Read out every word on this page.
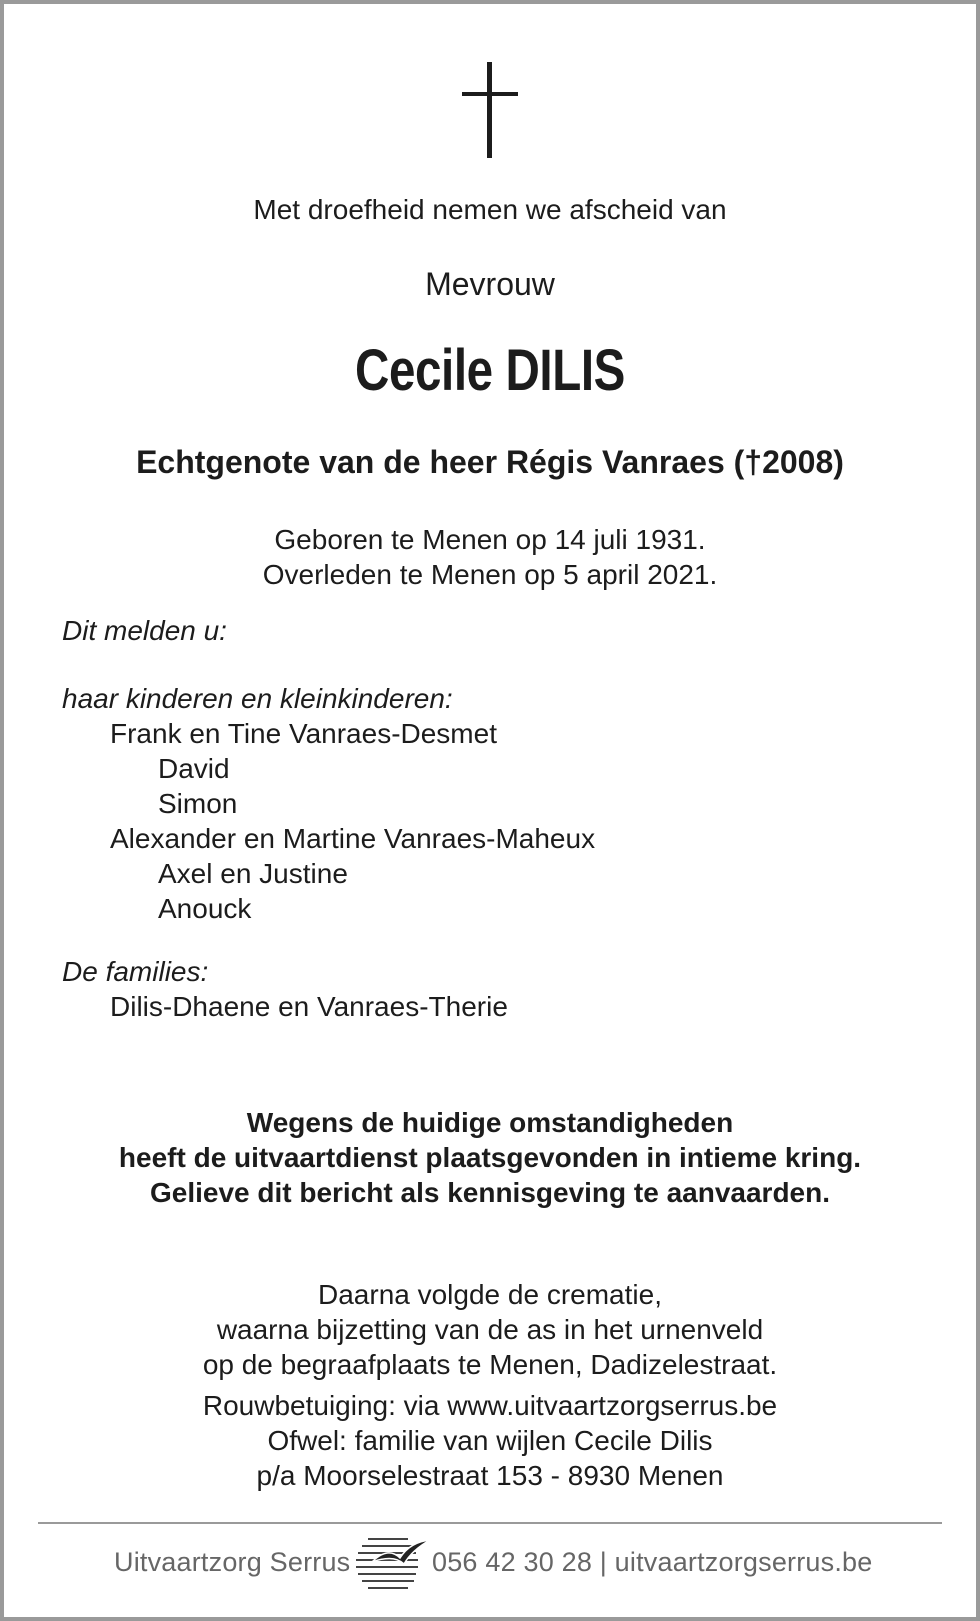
Met droefheid nemen we afscheid van

Mevrouw

Cecile DILIS

Echtgenote van de heer Régis Vanraes (†2008)

Geboren te Menen op 14 juli 1931.
Overleden te Menen op 5 april 2021.

Dit melden u:

haar kinderen en kleinkinderen:
Frank en Tine Vanraes-Desmet
David
Simon
Alexander en Martine Vanraes-Maheux
Axel en Justine
Anouck
De families:
Dilis-Dhaene en Vanraes-Therie
Wegens de huidige omstandigheden
heeft de uitvaartdienst plaatsgevonden in intieme kring.
Gelieve dit bericht als kennisgeving te aanvaarden.
Daarna volgde de crematie,
waarna bijzetting van de as in het urnenveld
op de begraafplaats te Menen, Dadizelestraat.
Rouwbetuiging: via www.uitvaartzorgserrus.be
Ofwel: familie van wijlen Cecile Dilis
p/a Moorselestraat 153 - 8930 Menen

Uitvaartzorg Serrus	056 42 30 28 | uitvaartzorgserrus.be
